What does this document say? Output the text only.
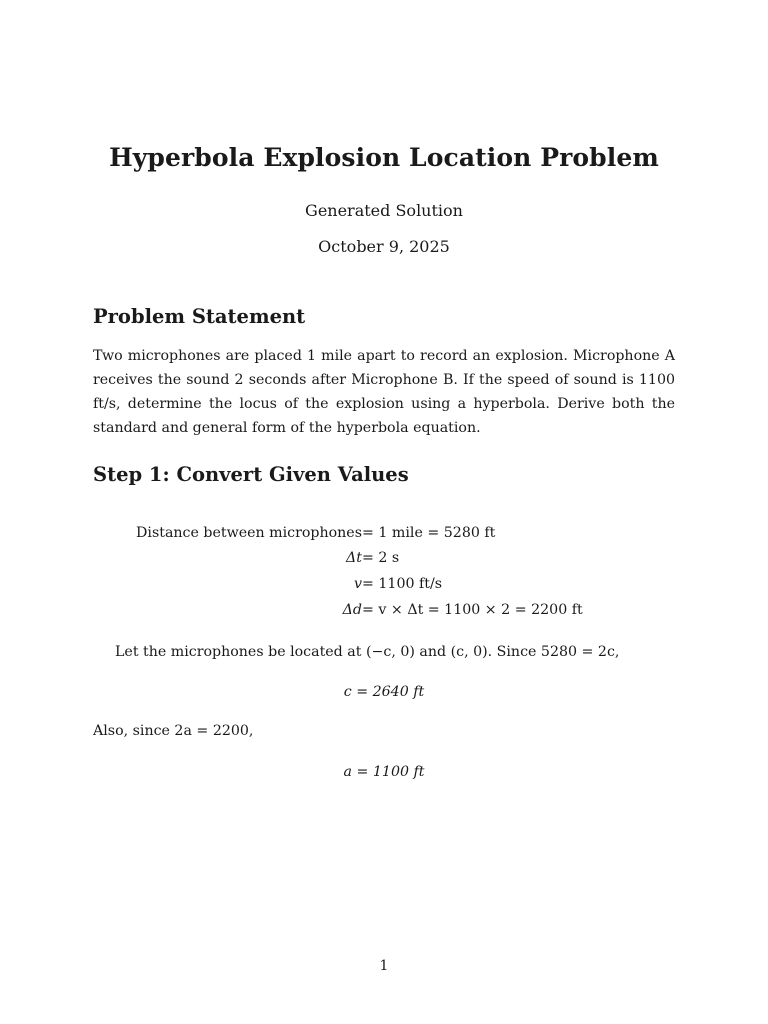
Hyperbola Explosion Location Problem
Generated Solution
October 9, 2025
Problem Statement
Two microphones are placed 1 mile apart to record an explosion. Microphone A receives the sound 2 seconds after Microphone B. If the speed of sound is 1100 ft/s, determine the locus of the explosion using a hyperbola. Derive both the standard and general form of the hyperbola equation.
Step 1: Convert Given Values
Distance between microphones = 1 mile = 5280 ft
Δt = 2 s
v = 1100 ft/s
Δd = v × Δt = 1100 × 2 = 2200 ft
Let the microphones be located at (−c, 0) and (c, 0). Since 5280 = 2c,
c = 2640 ft
Also, since 2a = 2200,
a = 1100 ft
1
